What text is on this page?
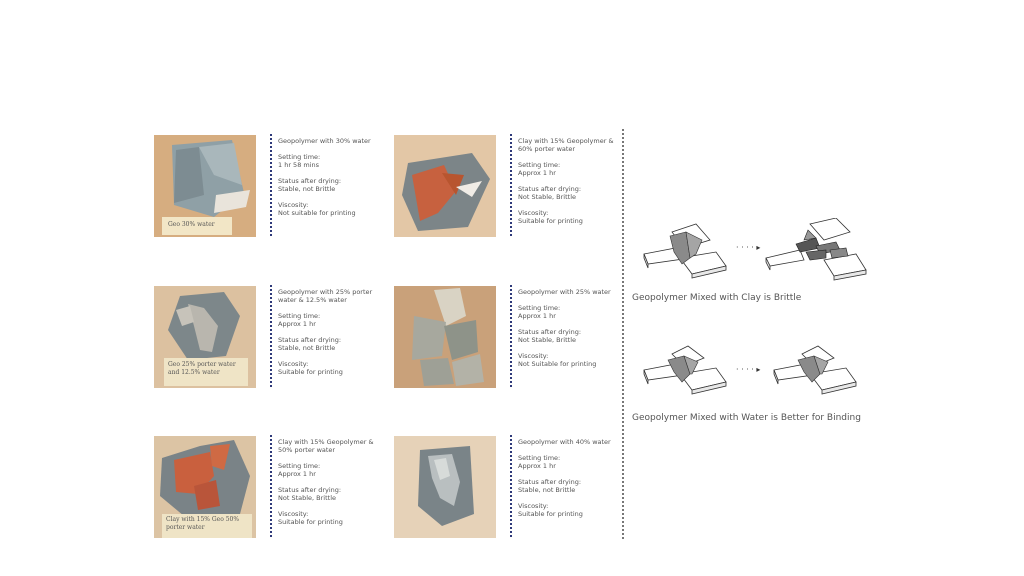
Geo 30% water

Geopolymer with 30% water

Setting time:
1 hr 58 mins

Status after drying:
Stable, not Brittle

Viscosity:
Not suitable for printing

Clay with 15% Geopolymer & 60% porter water

Setting time:
Approx 1 hr

Status after drying:
Not Stable, Brittle

Viscosity:
Suitable for printing

Geo 25% porter water and 12.5% water

Geopolymer with 25% porter water & 12.5% water

Setting time:
Approx 1 hr

Status after drying:
Stable, not Brittle

Viscosity:
Suitable for printing

Geopolymer with 25% water

Setting time:
Approx 1 hr

Status after drying:
Not Stable, Brittle

Viscosity:
Not Suitable for printing

Clay with 15% Geo 50% porter water

Clay with 15% Geopolymer & 50% porter water

Setting time:
Approx 1 hr

Status after drying:
Not Stable, Brittle

Viscosity:
Suitable for printing

Geopolymer with 40% water

Setting time:
Approx 1 hr

Status after drying:
Stable, not Brittle

Viscosity:
Suitable for printing

· · · · ▸
Geopolymer Mixed with Clay is Brittle
· · · · ▸
Geopolymer Mixed with Water is Better for Binding
